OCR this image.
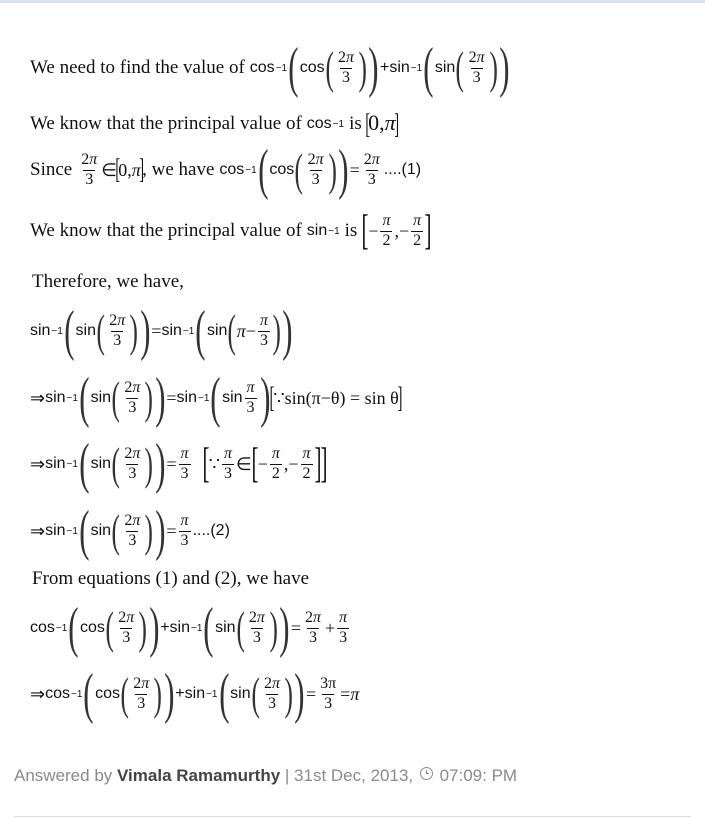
We need to find the value of cos −1 ( cos ( $\frac{2\pi}{3}$ ) ) +sin −1 ( sin ( $\frac{2\pi}{3}$ ) )
We know that the principal value of cos −1 is [0,π]
Since $\frac{2\pi}{3}$ ∈
[
0, π
]
, we have cos −1 ( cos ( $\frac{2\pi}{3}$ ) ) = $\frac{2\pi}{3} ....(1)$
We know that the principal value of sin −1 is [ − $\frac{\pi}{2}$ ,− $\frac{\pi}{2}$ ]
Therefore, we have,
sin −1 ( sin ( $\frac{2\pi}{3}$ ) ) = sin −1 ( sin ( $\pi - \frac{\pi}{3}$ ) )
⇒ sin −1 ( sin ( $\frac{2\pi}{3}$ ) ) = sin −1 ( $\sin \frac{\pi}{3}$ ) [
∵ sin(π−θ) = sin θ
]
⇒ sin −1 ( sin ( $\frac{2\pi}{3}$ ) ) = $\frac{\pi}{3}$ [ ∵ $\frac{\pi}{3}$ ∈ [ − $\frac{\pi}{2}$ ,− $\frac{\pi}{2}$ ] ]
⇒ sin −1 ( sin ( $\frac{2\pi}{3}$ ) ) = $\frac{\pi}{3} ....(2)$
From equations (1) and (2), we have
cos −1 ( cos ( $\frac{2\pi}{3}$ ) ) +sin −1 ( sin ( $\frac{2\pi}{3}$ ) ) = $\frac{2\pi}{3} + \frac{\pi}{3}$
⇒ cos −1 ( cos ( $\frac{2\pi}{3}$ ) ) +sin −1 ( sin ( $\frac{2\pi}{3}$ ) ) = $\frac{3\pi}{3} = \pi$
Answered by Vimala Ramamurthy | 31st Dec, 2013, 07:09: PM
